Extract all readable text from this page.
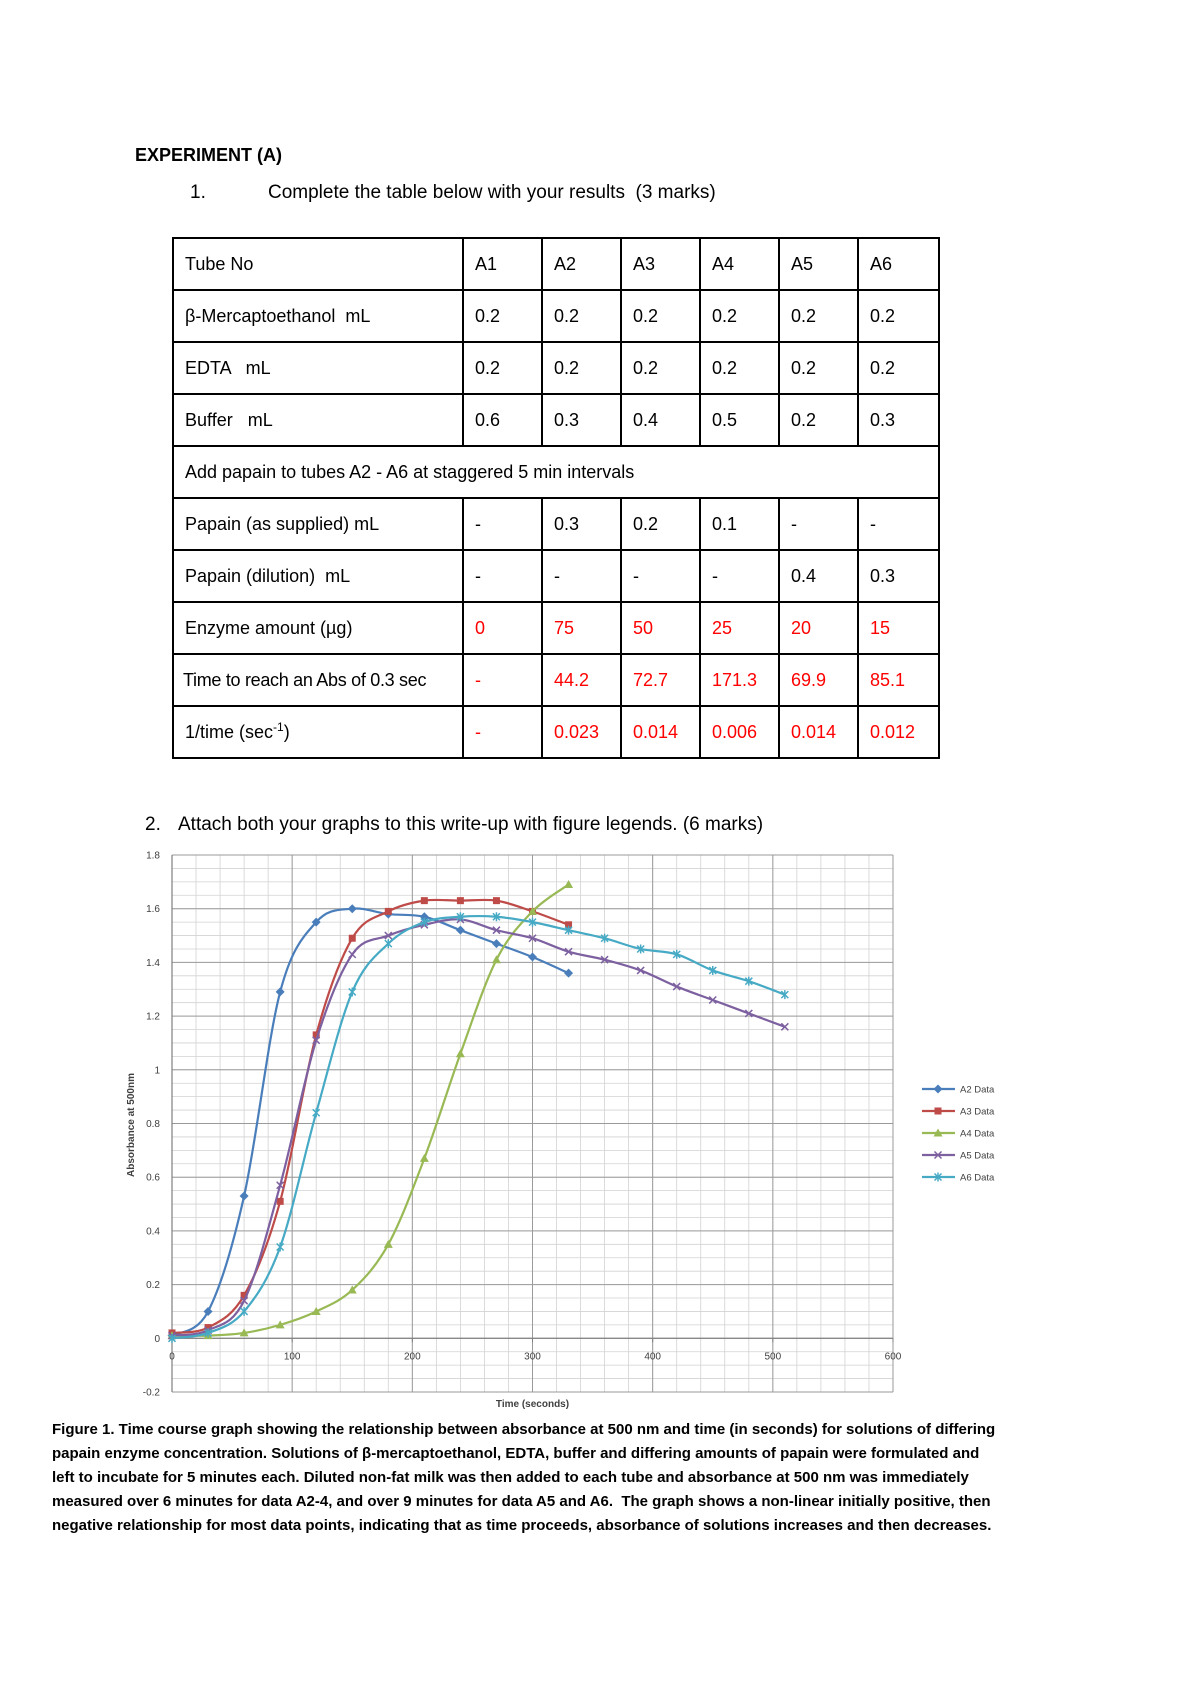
EXPERIMENT (A)
1.	Complete the table below with your results  (3 marks)
Tube No	A1	A2	A3	A4	A5	A6
β-Mercaptoethanol  mL	0.2	0.2	0.2	0.2	0.2	0.2
EDTA   mL	0.2	0.2	0.2	0.2	0.2	0.2
Buffer   mL	0.6	0.3	0.4	0.5	0.2	0.3
Add papain to tubes A2 - A6 at staggered 5 min intervals						
Papain (as supplied) mL	-	0.3	0.2	0.1	-	-
Papain (dilution)  mL	-	-	-	-	0.4	0.3
Enzyme amount (µg)	0	75	50	25	20	15
Time to reach an Abs of 0.3 sec	-	44.2	72.7	171.3	69.9	85.1
1/time $(\sec^{-1})$	-	0.023	0.014	0.006	0.014	0.012
2. Attach both your graphs to this write-up with figure legends. (6 marks)
-0.2
0
0.2
0.4
0.6
0.8
1
1.2
1.4
1.6
1.8
0	100	200	300	400	500	600
Time (seconds)
Absorbance at 500nm	A2 Data
A3 Data
A4 Data
A5 Data
A6 Data
Figure 1. Time course graph showing the relationship between absorbance at 500 nm and time (in seconds) for solutions of differing
papain enzyme concentration. Solutions of β-mercaptoethanol, EDTA, buffer and differing amounts of papain were formulated and
left to incubate for 5 minutes each. Diluted non-fat milk was then added to each tube and absorbance at 500 nm was immediately
measured over 6 minutes for data A2-4, and over 9 minutes for data A5 and A6.  The graph shows a non-linear initially positive, then
negative relationship for most data points, indicating that as time proceeds, absorbance of solutions increases and then decreases.
